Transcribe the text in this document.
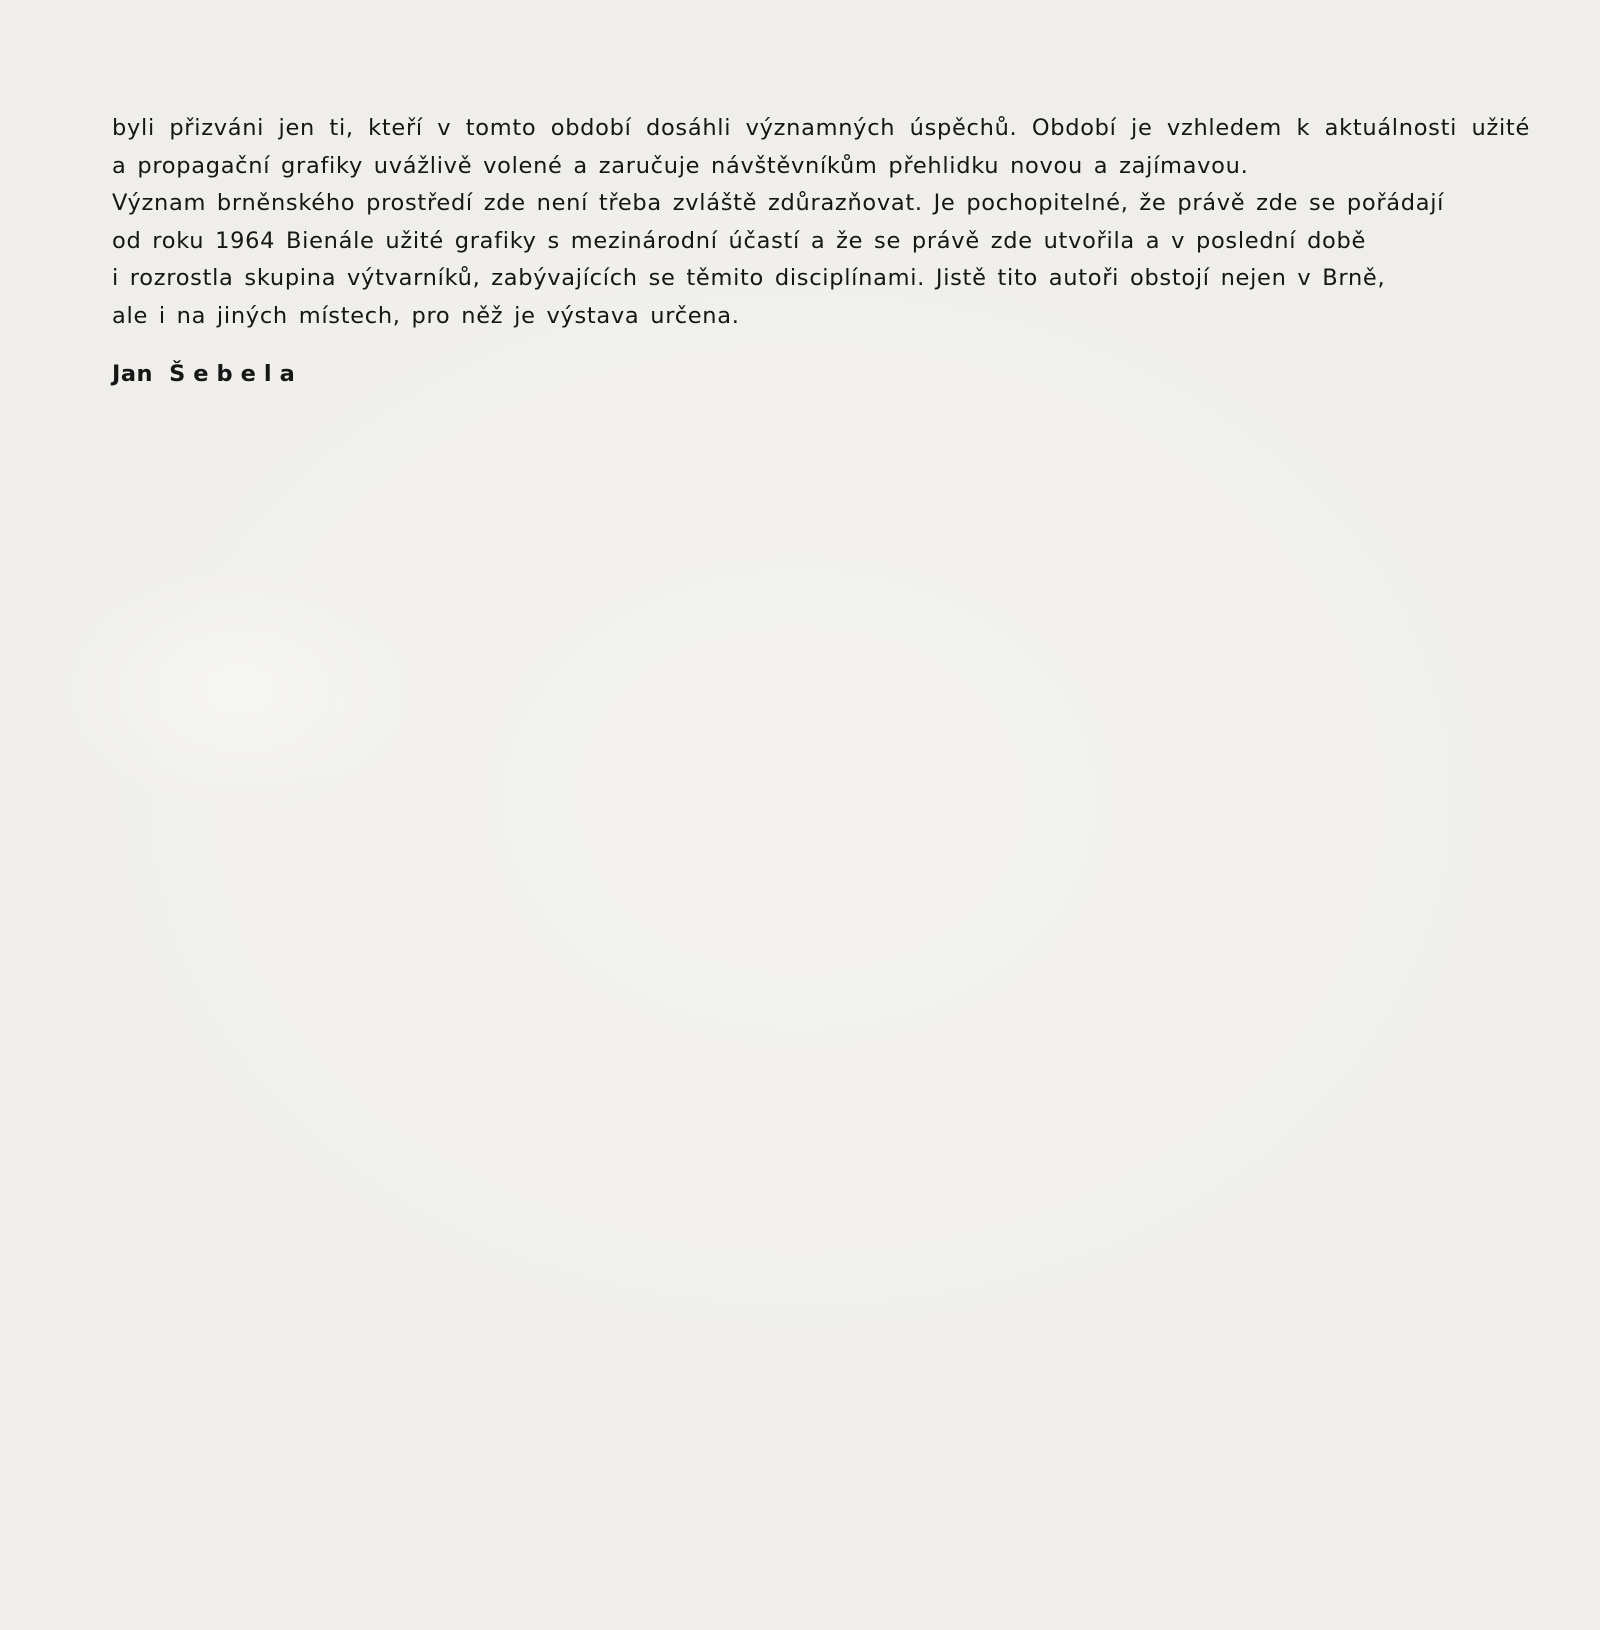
byli přizváni jen ti, kteří v tomto období dosáhli významných úspěchů. Období je vzhledem k aktuálnosti užité
a propagační grafiky uvážlivě volené a zaručuje návštěvníkům přehlidku novou a zajímavou.
Význam brněnského prostředí zde není třeba zvláště zdůrazňovat. Je pochopitelné, že právě zde se pořádají
od roku 1964 Bienále užité grafiky s mezinárodní účastí a že se právě zde utvořila a v poslední době
i rozrostla skupina výtvarníků, zabývajících se těmito disciplínami. Jistě tito autoři obstojí nejen v Brně,
ale i na jiných místech, pro něž je výstava určena.
Jan Šebela
